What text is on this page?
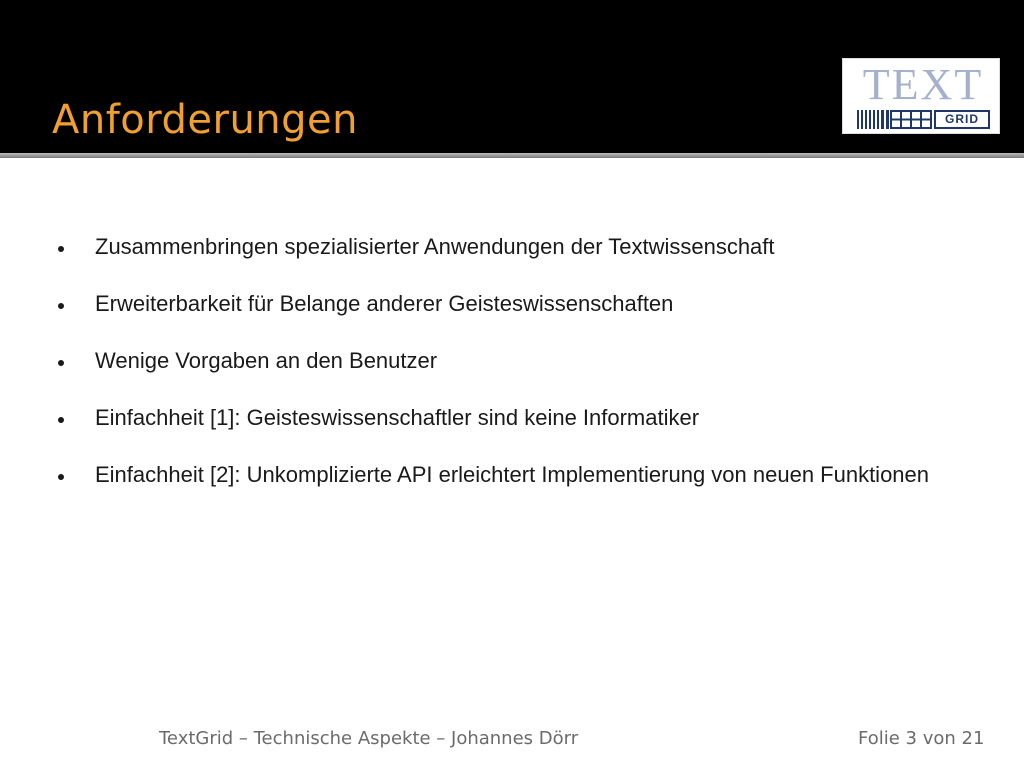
Anforderungen
TEXT
GRID
Zusammenbringen spezialisierter Anwendungen der Textwissenschaft
Erweiterbarkeit für Belange anderer Geisteswissenschaften
Wenige Vorgaben an den Benutzer
Einfachheit [1]: Geisteswissenschaftler sind keine Informatiker
Einfachheit [2]: Unkomplizierte API erleichtert Implementierung von neuen Funktionen
TextGrid – Technische Aspekte – Johannes Dörr	Folie 3 von 21
